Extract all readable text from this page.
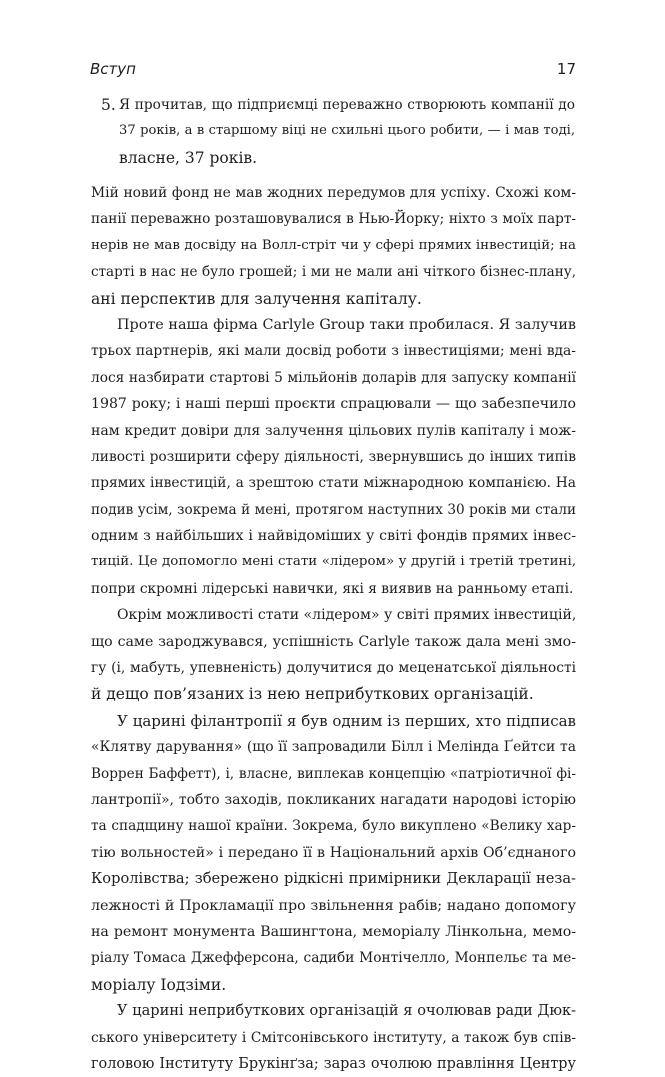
Вступ	17
5. Я прочитав, що підприємці переважно створюють компанії до
37 років, а в старшому віці не схильні цього робити, — і мав тоді,
власне, 37 років.
Мій новий фонд не мав жодних передумов для успіху. Схожі ком-
панії переважно розташовувалися в Нью-Йорку; ніхто з моїх парт-
нерів не мав досвіду на Волл-стріт чи у сфері прямих інвестицій; на
старті в нас не було грошей; і ми не мали ані чіткого бізнес-плану,
ані перспектив для залучення капіталу.
Проте наша фірма Carlyle Group таки пробилася. Я залучив
трьох партнерів, які мали досвід роботи з інвестиціями; мені вда-
лося назбирати стартові 5 мільйонів доларів для запуску компанії
1987 року; і наші перші проєкти спрацювали — що забезпечило
нам кредит довіри для залучення цільових пулів капіталу і мож-
ливості розширити сферу діяльності, звернувшись до інших типів
прямих інвестицій, а зрештою стати міжнародною компанією. На
подив усім, зокрема й мені, протягом наступних 30 років ми стали
одним з найбільших і найвідоміших у світі фондів прямих інвес-
тицій. Це допомогло мені стати «лідером» у другій і третій третині,
попри скромні лідерські навички, які я виявив на ранньому етапі.
Окрім можливості стати «лідером» у світі прямих інвестицій,
що саме зароджувався, успішність Carlyle також дала мені змо-
гу (і, мабуть, упевненість) долучитися до меценатської діяльності
й дещо пов’язаних із нею неприбуткових організацій.
У царині філантропії я був одним із перших, хто підписав
«Клятву дарування» (що її запровадили Білл і Мелінда Ґейтси та
Воррен Баффетт), і, власне, виплекав концепцію «патріотичної фі-
лантропії», тобто заходів, покликаних нагадати народові історію
та спадщину нашої країни. Зокрема, було викуплено «Велику хар-
тію вольностей» і передано її в Національний архів Об’єднаного
Королівства; збережено рідкісні примірники Декларації неза-
лежності й Прокламації про звільнення рабів; надано допомогу
на ремонт монумента Вашингтона, меморіалу Лінкольна, мемо-
ріалу Томаса Джефферсона, садиби Монтічелло, Монпельє та ме-
моріалу Іодзіми.
У царині неприбуткових організацій я очолював ради Дюк-
ського університету і Смітсонівського інституту, а також був спів-
головою Інституту Брукінґза; зараз очолюю правління Центру
